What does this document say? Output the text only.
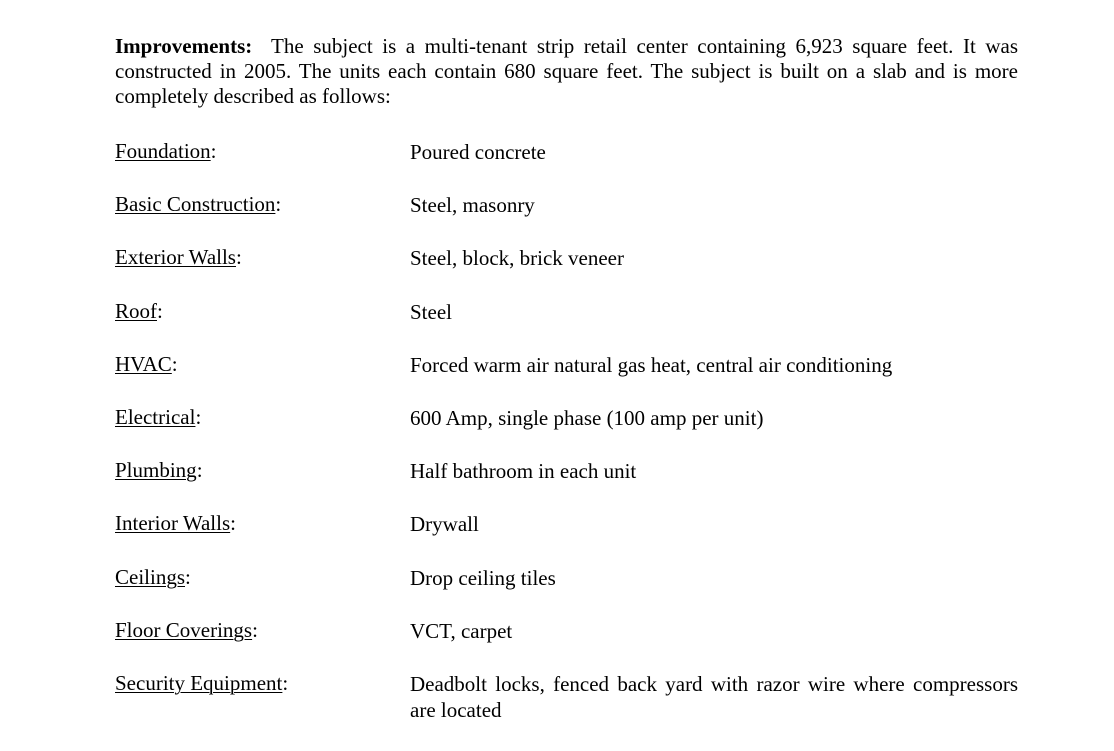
Improvements: The subject is a multi-tenant strip retail center containing 6,923 square feet. It was constructed in 2005. The units each contain 680 square feet. The subject is built on a slab and is more completely described as follows:

Foundation:	Poured concrete
Basic Construction:	Steel, masonry
Exterior Walls:	Steel, block, brick veneer
Roof:	Steel
HVAC:	Forced warm air natural gas heat, central air conditioning
Electrical:	600 Amp, single phase (100 amp per unit)
Plumbing:	Half bathroom in each unit
Interior Walls:	Drywall
Ceilings:	Drop ceiling tiles
Floor Coverings:	VCT, carpet
Security Equipment:	Deadbolt locks, fenced back yard with razor wire where compressors are located
